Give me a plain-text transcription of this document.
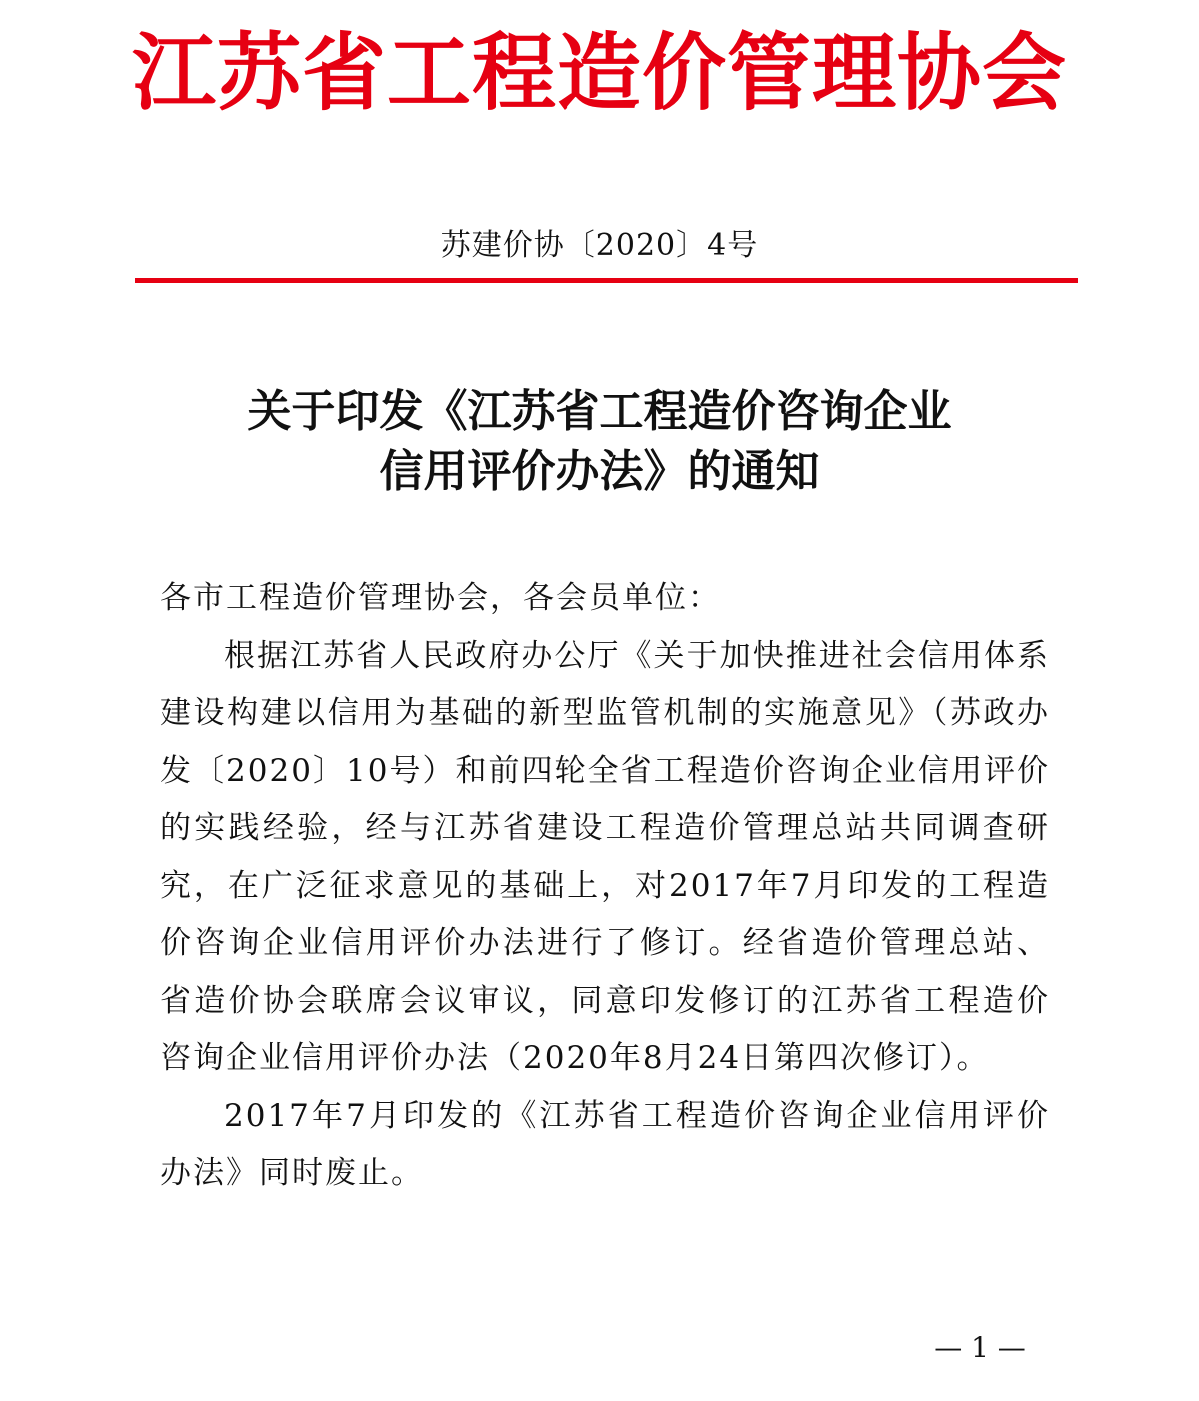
江苏省工程造价管理协会
苏建价协〔2020〕4号
关于印发《江苏省工程造价咨询企业
信用评价办法》的通知

各市工程造价管理协会，各会员单位：

根据江苏省人民政府办公厅《关于加快推进社会信用体系建设构建以信用为基础的新型监管机制的实施意见》（苏政办发〔2020〕10号）和前四轮全省工程造价咨询企业信用评价的实践经验，经与江苏省建设工程造价管理总站共同调查研究，在广泛征求意见的基础上，对2017年7月印发的工程造价咨询企业信用评价办法进行了修订。经省造价管理总站、省造价协会联席会议审议，同意印发修订的江苏省工程造价咨询企业信用评价办法（2020年8月24日第四次修订）。

2017年7月印发的《江苏省工程造价咨询企业信用评价办法》同时废止。

— 1 —
